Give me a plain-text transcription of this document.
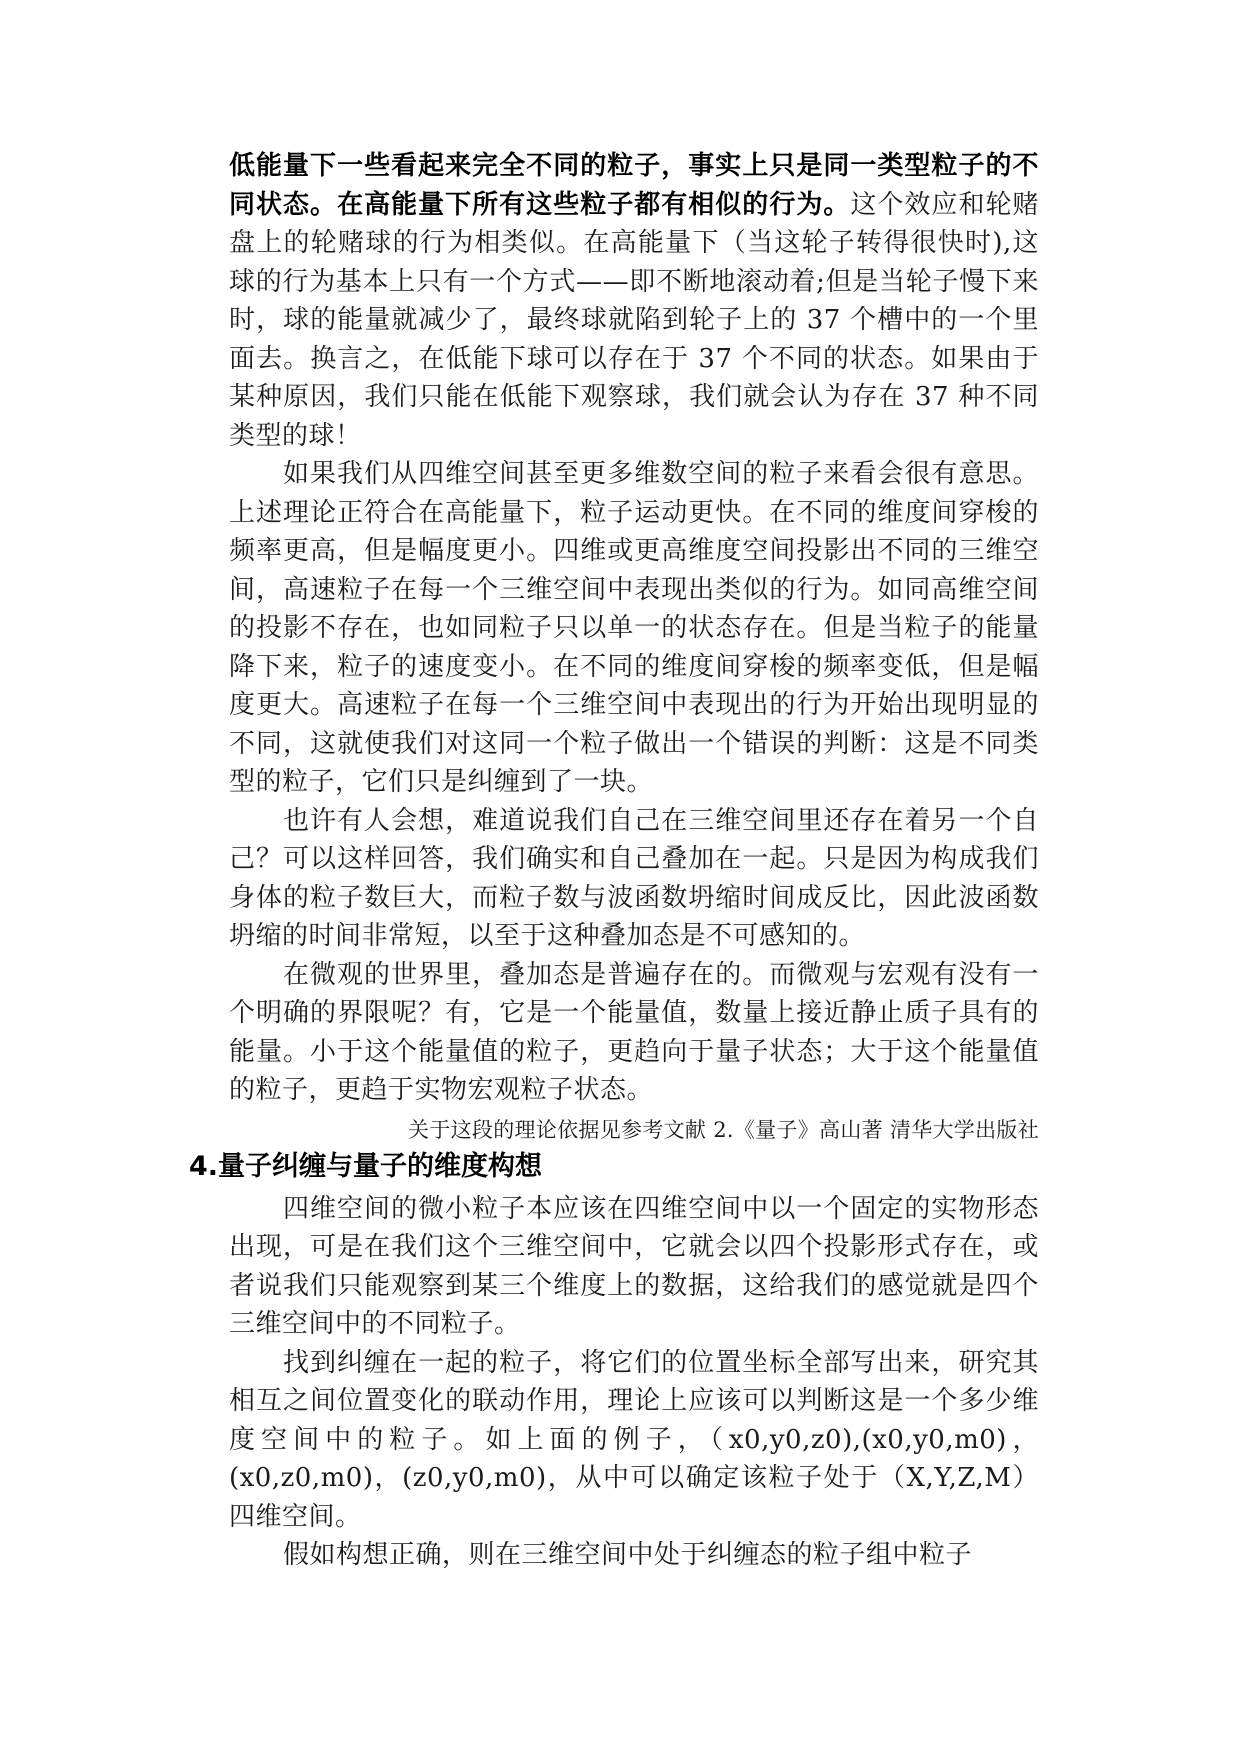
低能量下一些看起来完全不同的粒子，事实上只是同一类型粒子的不同状态。在高能量下所有这些粒子都有相似的行为。这个效应和轮赌盘上的轮赌球的行为相类似。在高能量下（当这轮子转得很快时),这球的行为基本上只有一个方式——即不断地滚动着;但是当轮子慢下来时，球的能量就减少了，最终球就陷到轮子上的 37 个槽中的一个里面去。换言之，在低能下球可以存在于 37 个不同的状态。如果由于某种原因，我们只能在低能下观察球，我们就会认为存在 37 种不同类型的球！

如果我们从四维空间甚至更多维数空间的粒子来看会很有意思。上述理论正符合在高能量下，粒子运动更快。在不同的维度间穿梭的频率更高，但是幅度更小。四维或更高维度空间投影出不同的三维空间，高速粒子在每一个三维空间中表现出类似的行为。如同高维空间的投影不存在，也如同粒子只以单一的状态存在。但是当粒子的能量降下来，粒子的速度变小。在不同的维度间穿梭的频率变低，但是幅度更大。高速粒子在每一个三维空间中表现出的行为开始出现明显的不同，这就使我们对这同一个粒子做出一个错误的判断：这是不同类型的粒子，它们只是纠缠到了一块。

也许有人会想，难道说我们自己在三维空间里还存在着另一个自己？可以这样回答，我们确实和自己叠加在一起。只是因为构成我们身体的粒子数巨大，而粒子数与波函数坍缩时间成反比，因此波函数坍缩的时间非常短，以至于这种叠加态是不可感知的。

在微观的世界里，叠加态是普遍存在的。而微观与宏观有没有一个明确的界限呢？有，它是一个能量值，数量上接近静止质子具有的能量。小于这个能量值的粒子，更趋向于量子状态；大于这个能量值的粒子，更趋于实物宏观粒子状态。

关于这段的理论依据见参考文献 2.《量子》高山著 清华大学出版社

4.量子纠缠与量子的维度构想

四维空间的微小粒子本应该在四维空间中以一个固定的实物形态出现，可是在我们这个三维空间中，它就会以四个投影形式存在，或者说我们只能观察到某三个维度上的数据，这给我们的感觉就是四个三维空间中的不同粒子。

找到纠缠在一起的粒子，将它们的位置坐标全部写出来，研究其相互之间位置变化的联动作用，理论上应该可以判断这是一个多少维度空间中的粒子。如上面的例子，（x0,y0,z0),(x0,y0,m0)，(x0,z0,m0)，(z0,y0,m0)，从中可以确定该粒子处于（X,Y,Z,M）四维空间。

假如构想正确，则在三维空间中处于纠缠态的粒子组中粒子
